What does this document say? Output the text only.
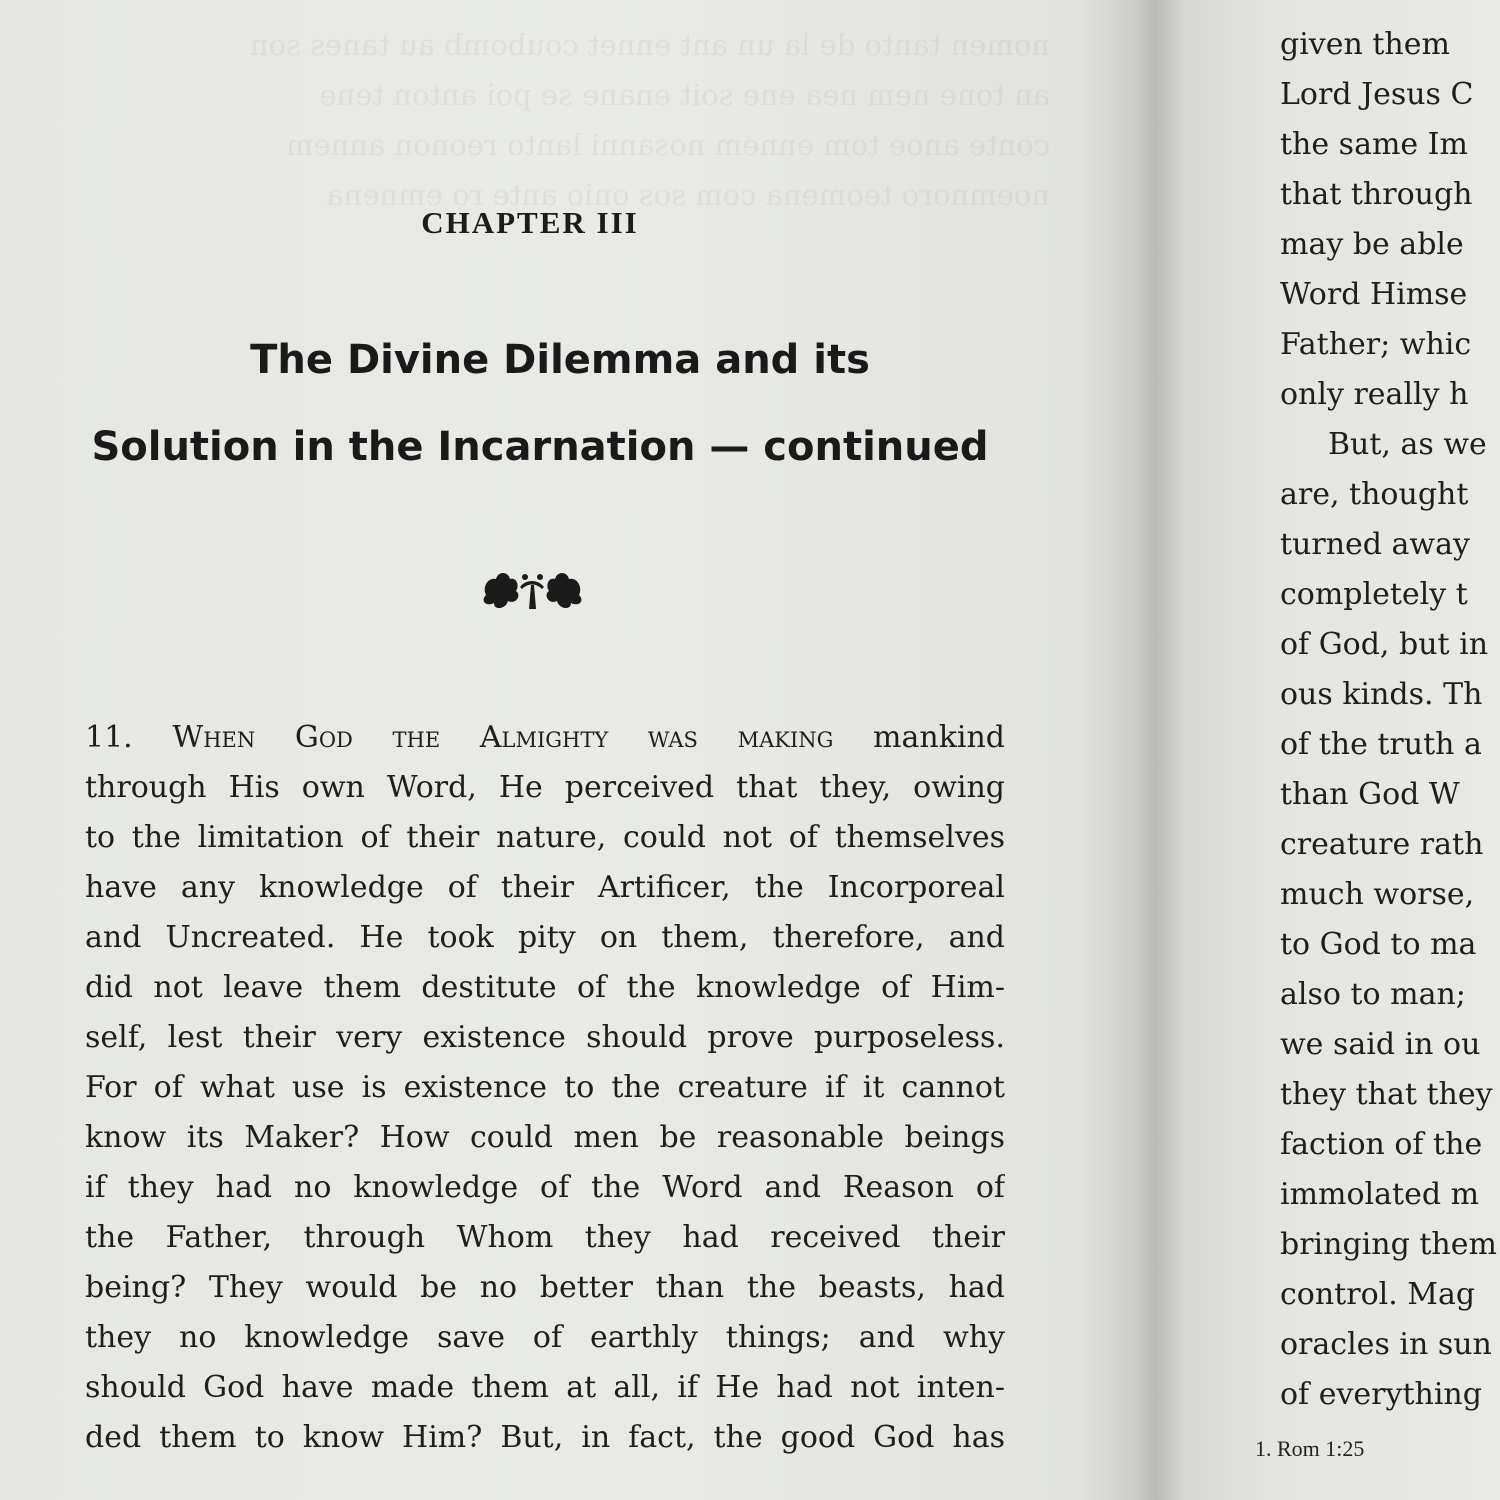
nomen tanto de la un ant ennet coubomb au tanes son
an tone nem nea ene soit enane se poi anton tene
conte anoe tom ennem nosanni lanto reonon annem
noemnoro teomena com sos onio ante ro emnena
CHAPTER III
The Divine Dilemma and its
Solution in the Incarnation — continued
11. When God the Almighty was making mankind
through His own Word, He perceived that they, owing
to the limitation of their nature, could not of themselves
have any knowledge of their Artificer, the Incorporeal
and Uncreated. He took pity on them, therefore, and
did not leave them destitute of the knowledge of Him-
self, lest their very existence should prove purposeless.
For of what use is existence to the creature if it cannot
know its Maker? How could men be reasonable beings
if they had no knowledge of the Word and Reason of
the Father, through Whom they had received their
being? They would be no better than the beasts, had
they no knowledge save of earthly things; and why
should God have made them at all, if He had not inten-
ded them to know Him? But, in fact, the good God has
given them
Lord Jesus C
the same Im
that through
may be able
Word Himse
Father; whic
only really h
But, as we
are, thought
turned away
completely t
of God, but in
ous kinds. Th
of the truth a
than God W
creature rath
much worse,
to God to ma
also to man;
we said in ou
they that they
faction of the
immolated m
bringing them
control. Mag
oracles in sun
of everything
1. Rom 1:25
